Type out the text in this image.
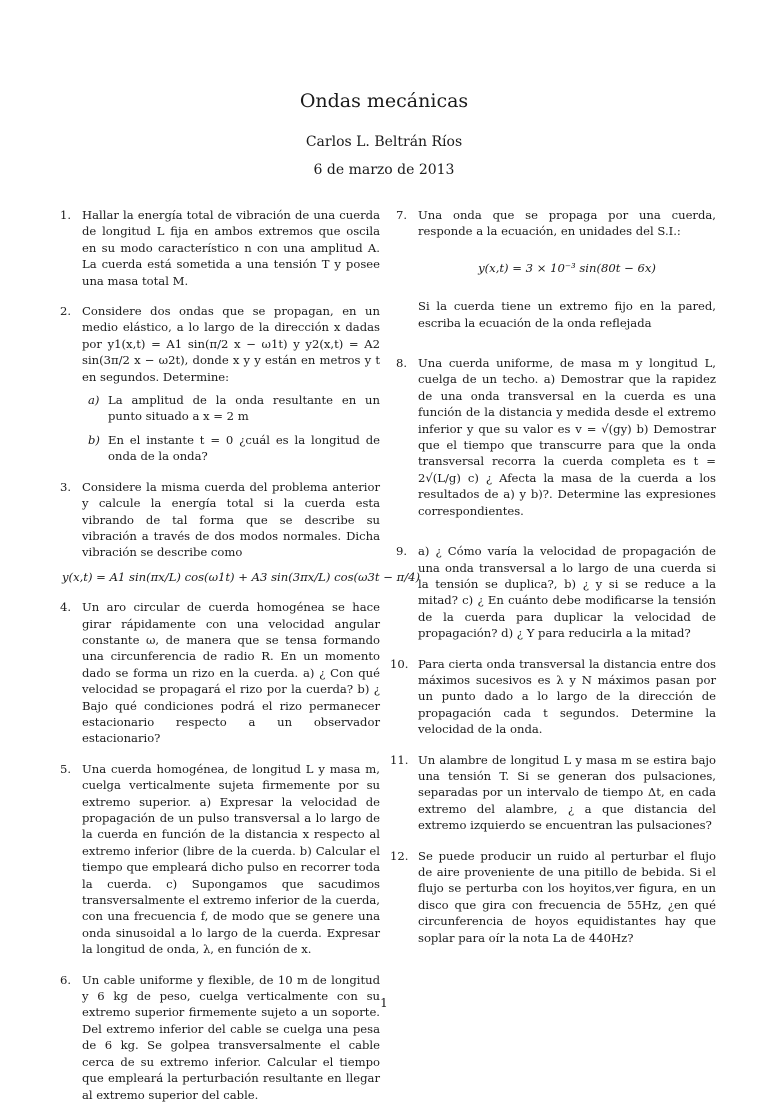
Ondas mecánicas
Carlos L. Beltrán Ríos
6 de marzo de 2013
1. Hallar la energía total de vibración de una cuerda de longitud L fija en ambos extremos que oscila en su modo característico n con una amplitud A. La cuerda está sometida a una tensión T y posee una masa total M.
2. Considere dos ondas que se propagan, en un medio elástico, a lo largo de la dirección x dadas por y1(x,t) = A1 sin(π/2 x − ω1t) y y2(x,t) = A2 sin(3π/2 x − ω2t), donde x y y están en metros y t en segundos. Determine:
a) La amplitud de la onda resultante en un punto situado a x = 2 m
b) En el instante t = 0 ¿cuál es la longitud de onda de la onda?
3. Considere la misma cuerda del problema anterior y calcule la energía total si la cuerda esta vibrando de tal forma que se describe su vibración a través de dos modos normales. Dicha vibración se describe como
y(x,t) = A1 sin(πx/L) cos(ω1t) + A3 sin(3πx/L) cos(ω3t − π/4)
4. Un aro circular de cuerda homogénea se hace girar rápidamente con una velocidad angular constante ω, de manera que se tensa formando una circunferencia de radio R. En un momento dado se forma un rizo en la cuerda. a) ¿ Con qué velocidad se propagará el rizo por la cuerda? b) ¿ Bajo qué condiciones podrá el rizo permanecer estacionario respecto a un observador estacionario?
5. Una cuerda homogénea, de longitud L y masa m, cuelga verticalmente sujeta firmemente por su extremo superior. a) Expresar la velocidad de propagación de un pulso transversal a lo largo de la cuerda en función de la distancia x respecto al extremo inferior (libre de la cuerda. b) Calcular el tiempo que empleará dicho pulso en recorrer toda la cuerda. c) Supongamos que sacudimos transversalmente el extremo inferior de la cuerda, con una frecuencia f, de modo que se genere una onda sinusoidal a lo largo de la cuerda. Expresar la longitud de onda, λ, en función de x.
6. Un cable uniforme y flexible, de 10 m de longitud y 6 kg de peso, cuelga verticalmente con su extremo superior firmemente sujeto a un soporte. Del extremo inferior del cable se cuelga una pesa de 6 kg. Se golpea transversalmente el cable cerca de su extremo inferior. Calcular el tiempo que empleará la perturbación resultante en llegar al extremo superior del cable.
7. Una onda que se propaga por una cuerda, responde a la ecuación, en unidades del S.I.:
y(x,t) = 3 × 10⁻³ sin(80t − 6x)
Si la cuerda tiene un extremo fijo en la pared, escriba la ecuación de la onda reflejada
8. Una cuerda uniforme, de masa m y longitud L, cuelga de un techo. a) Demostrar que la rapidez de una onda transversal en la cuerda es una función de la distancia y medida desde el extremo inferior y que su valor es v = √(gy) b) Demostrar que el tiempo que transcurre para que la onda transversal recorra la cuerda completa es t = 2√(L/g) c) ¿ Afecta la masa de la cuerda a los resultados de a) y b)?. Determine las expresiones correspondientes.
9. a) ¿ Cómo varía la velocidad de propagación de una onda transversal a lo largo de una cuerda si la tensión se duplica?, b) ¿ y si se reduce a la mitad? c) ¿ En cuánto debe modificarse la tensión de la cuerda para duplicar la velocidad de propagación? d) ¿ Y para reducirla a la mitad?
10. Para cierta onda transversal la distancia entre dos máximos sucesivos es λ y N máximos pasan por un punto dado a lo largo de la dirección de propagación cada t segundos. Determine la velocidad de la onda.
11. Un alambre de longitud L y masa m se estira bajo una tensión T. Si se generan dos pulsaciones, separadas por un intervalo de tiempo Δt, en cada extremo del alambre, ¿ a que distancia del extremo izquierdo se encuentran las pulsaciones?
12. Se puede producir un ruido al perturbar el flujo de aire proveniente de una pitillo de bebida. Si el flujo se perturba con los hoyitos,ver figura, en un disco que gira con frecuencia de 55Hz, ¿en qué circunferencia de hoyos equidistantes hay que soplar para oír la nota La de 440Hz?
1
